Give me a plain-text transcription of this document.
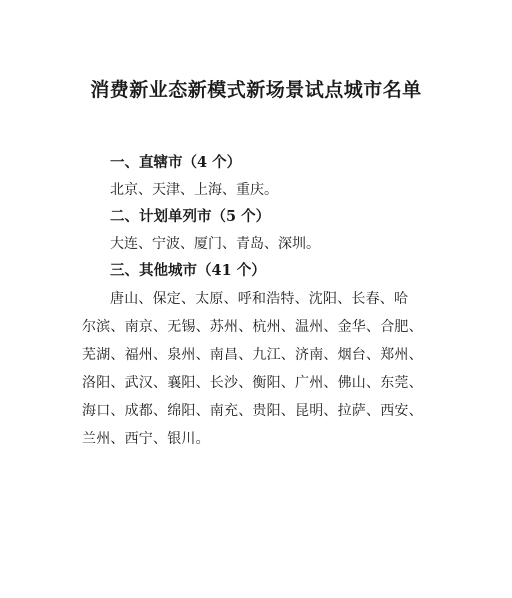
消费新业态新模式新场景试点城市名单
一、直辖市（4 个）
北京、天津、上海、重庆。
二、计划单列市（5 个）
大连、宁波、厦门、青岛、深圳。
三、其他城市（41 个）
唐山、保定、太原、呼和浩特、沈阳、长春、哈
尔滨、南京、无锡、苏州、杭州、温州、金华、合肥、
芜湖、福州、泉州、南昌、九江、济南、烟台、郑州、
洛阳、武汉、襄阳、长沙、衡阳、广州、佛山、东莞、
海口、成都、绵阳、南充、贵阳、昆明、拉萨、西安、
兰州、西宁、银川。
